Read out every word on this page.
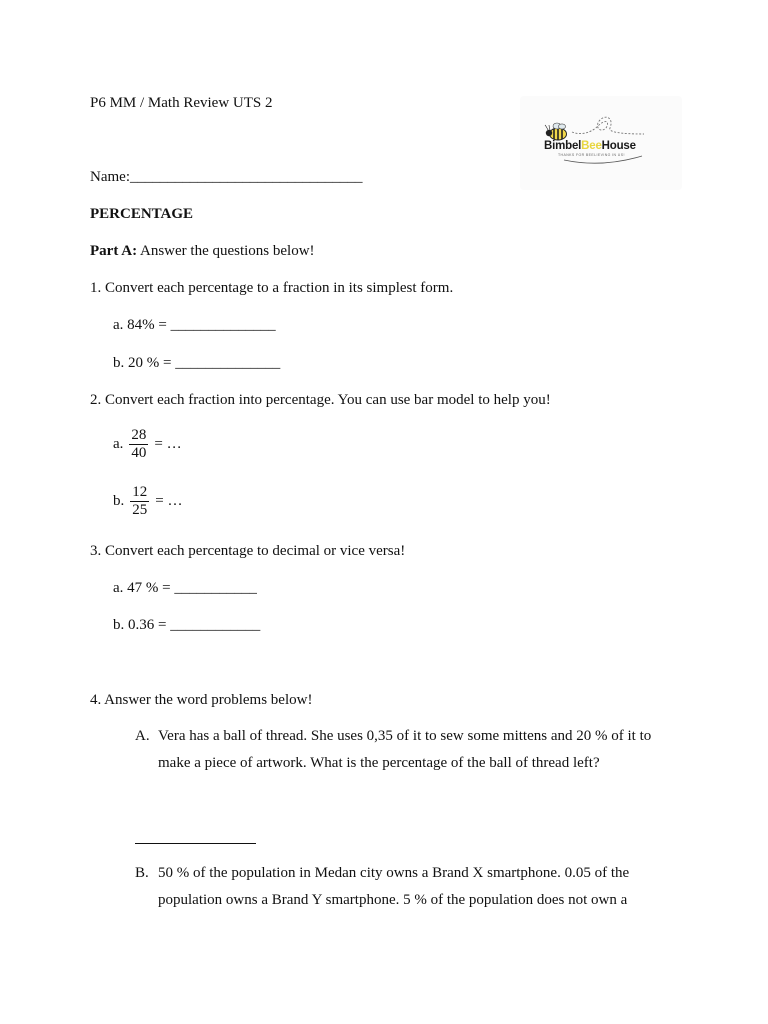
P6 MM / Math Review UTS 2
BimbelBeeHouse
THANKS FOR BEELIEVING IN US!
Name:_______________________________
PERCENTAGE
Part A: Answer the questions below!
1. Convert each percentage to a fraction in its simplest form.
a. 84% = ______________
b. 20 % = ______________
2. Convert each fraction into percentage. You can use bar model to help you!
a. $\frac{28}{40}$ = …
b. $\frac{12}{25}$ = …
3. Convert each percentage to decimal or vice versa!
a. 47 % = ___________
b. 0.36 = ____________
4. Answer the word problems below!
A. Vera has a ball of thread. She uses 0,35 of it to sew some mittens and 20 % of it to make a piece of artwork. What is the percentage of the ball of thread left?
B. 50 % of the population in Medan city owns a Brand X smartphone. 0.05 of the population owns a Brand Y smartphone. 5 % of the population does not own a
